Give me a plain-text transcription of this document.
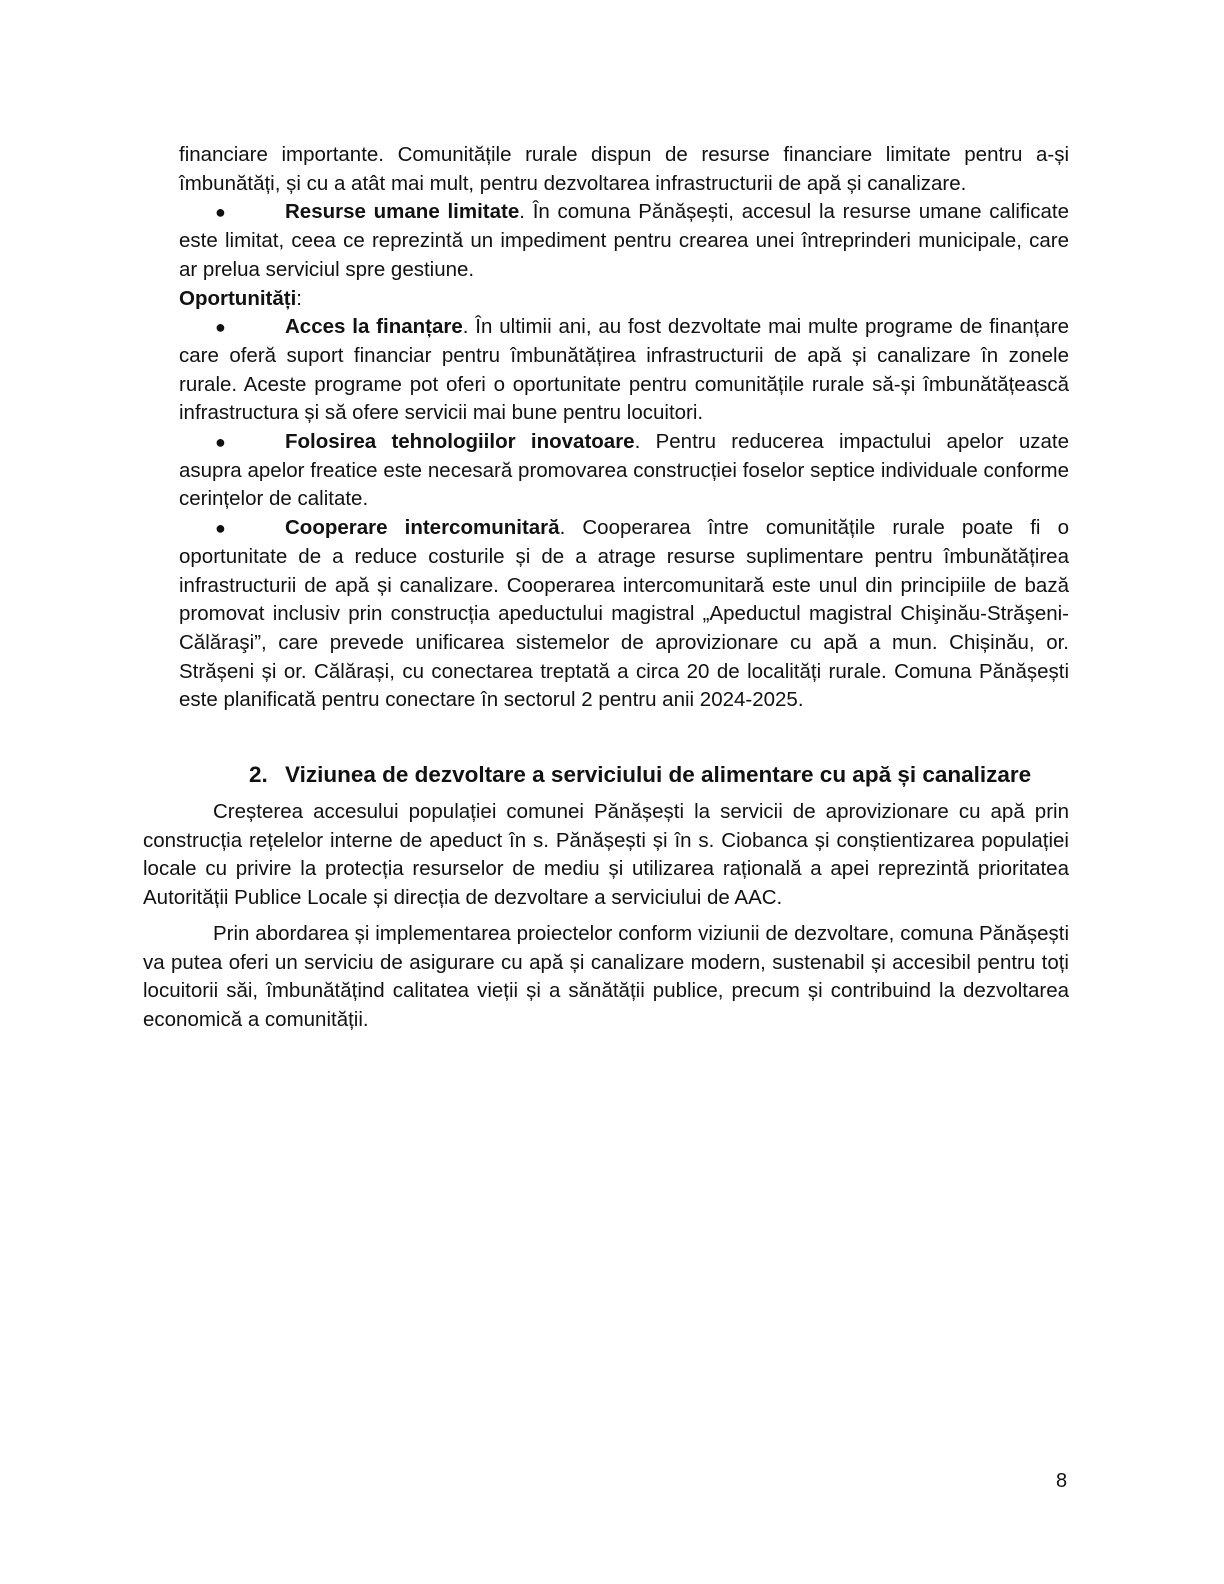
financiare importante. Comunitățile rurale dispun de resurse financiare limitate pentru a-și îmbunătăți, și cu a atât mai mult, pentru dezvoltarea infrastructurii de apă și canalizare.
●	Resurse umane limitate. În comuna Pănășești, accesul la resurse umane calificate este limitat, ceea ce reprezintă un impediment pentru crearea unei întreprinderi municipale, care ar prelua serviciul spre gestiune.
Oportunități:
●	Acces la finanțare. În ultimii ani, au fost dezvoltate mai multe programe de finanțare care oferă suport financiar pentru îmbunătățirea infrastructurii de apă și canalizare în zonele rurale. Aceste programe pot oferi o oportunitate pentru comunitățile rurale să-și îmbunătățească infrastructura și să ofere servicii mai bune pentru locuitori.
●	Folosirea tehnologiilor inovatoare. Pentru reducerea impactului apelor uzate asupra apelor freatice este necesară promovarea construcției foselor septice individuale conforme cerințelor de calitate.
●	Cooperare intercomunitară. Cooperarea între comunitățile rurale poate fi o oportunitate de a reduce costurile și de a atrage resurse suplimentare pentru îmbunătățirea infrastructurii de apă și canalizare. Cooperarea intercomunitară este unul din principiile de bază promovat inclusiv prin construcția apeductului magistral „Apeductul magistral Chişinău-Străşeni-Călăraşi”, care prevede unificarea sistemelor de aprovizionare cu apă a mun. Chișinău, or. Strășeni și or. Călărași, cu conectarea treptată a circa 20 de localități rurale. Comuna Pănășești este planificată pentru conectare în sectorul 2 pentru anii 2024-2025.
2. Viziunea de dezvoltare a serviciului de alimentare cu apă și canalizare
Creșterea accesului populației comunei Pănășești la servicii de aprovizionare cu apă prin construcția rețelelor interne de apeduct în s. Pănășești și în s. Ciobanca și conștientizarea populației locale cu privire la protecția resurselor de mediu și utilizarea rațională a apei reprezintă prioritatea Autorității Publice Locale și direcția de dezvoltare a serviciului de AAC.
Prin abordarea și implementarea proiectelor conform viziunii de dezvoltare, comuna Pănășești va putea oferi un serviciu de asigurare cu apă și canalizare modern, sustenabil și accesibil pentru toți locuitorii săi, îmbunătățind calitatea vieții și a sănătății publice, precum și contribuind la dezvoltarea economică a comunității.
8
